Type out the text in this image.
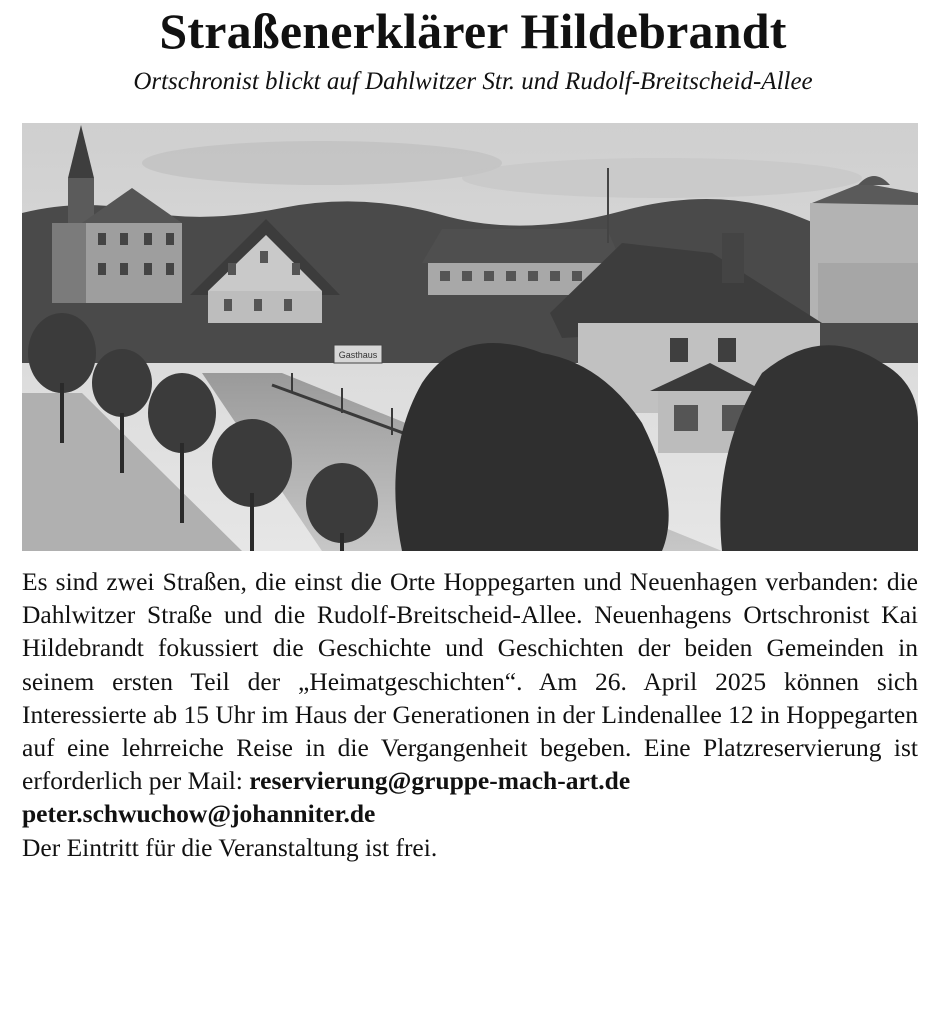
Straßenerklärer Hildebrandt

Ortschronist blickt auf Dahlwitzer Str. und Rudolf-Breitscheid-Allee

Gasthaus
Es sind zwei Straßen, die einst die Orte Hoppegarten und Neuenhagen verbanden: die Dahlwitzer Straße und die Rudolf-Breitscheid-Allee. Neuenhagens Ortschronist Kai Hildebrandt fokussiert die Geschichte und Geschichten der beiden Gemeinden in seinem ersten Teil der „Heimatgeschichten“. Am 26. April 2025 können sich Interessierte ab 15 Uhr im Haus der Generationen in der Lindenallee 12 in Hoppegarten auf eine lehrreiche Reise in die Vergangenheit begeben. Eine Platzreservierung ist erforderlich per Mail: reservierung@gruppe-mach-art.de
peter.schwuchow@johanniter.de
Der Eintritt für die Veranstaltung ist frei.
